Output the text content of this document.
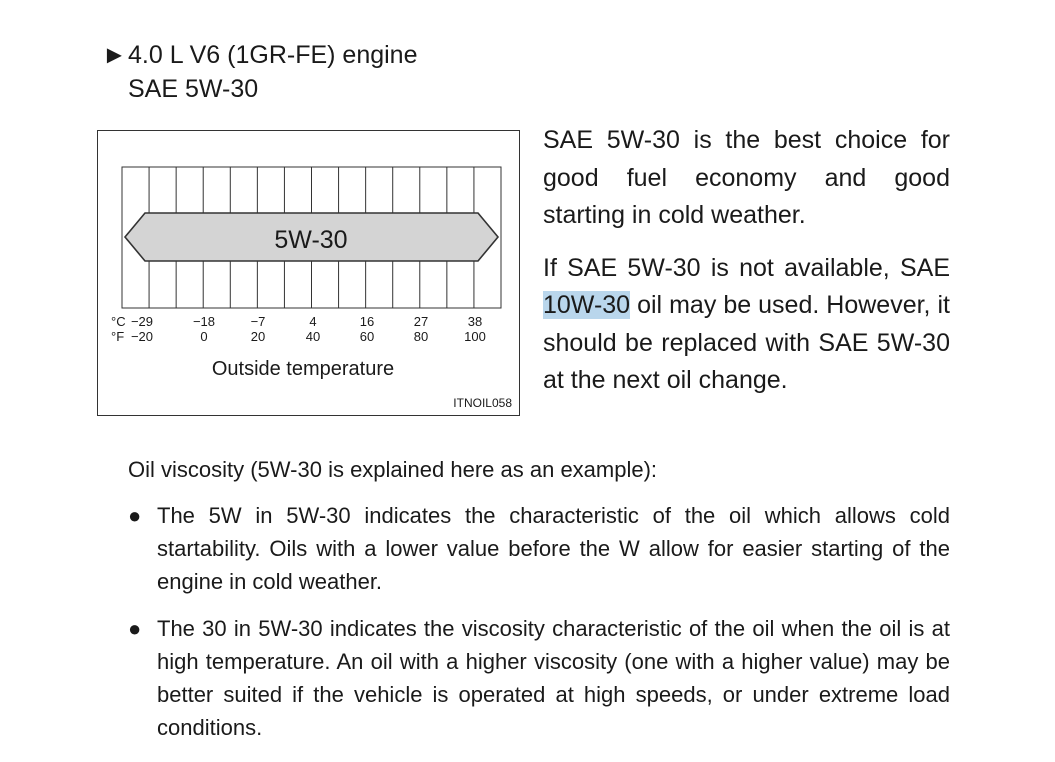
►4.0 L V6 (1GR-FE) engine
SAE 5W-30
5W-30
°C
°F
−29
−20
−18
0
−7
20
4
40
16
60
27
80
38
100
Outside temperature
ITNOIL058

SAE 5W-30 is the best choice for good fuel economy and good starting in cold weather.

If SAE 5W-30 is not available, SAE 10W-30 oil may be used. However, it should be replaced with SAE 5W-30 at the next oil change.

Oil viscosity (5W-30 is explained here as an example):
● The 5W in 5W-30 indicates the characteristic of the oil which allows cold startability. Oils with a lower value before the W allow for easier starting of the engine in cold weather.
● The 30 in 5W-30 indicates the viscosity characteristic of the oil when the oil is at high temperature. An oil with a higher viscosity (one with a higher value) may be better suited if the vehicle is operated at high speeds, or under extreme load conditions.
